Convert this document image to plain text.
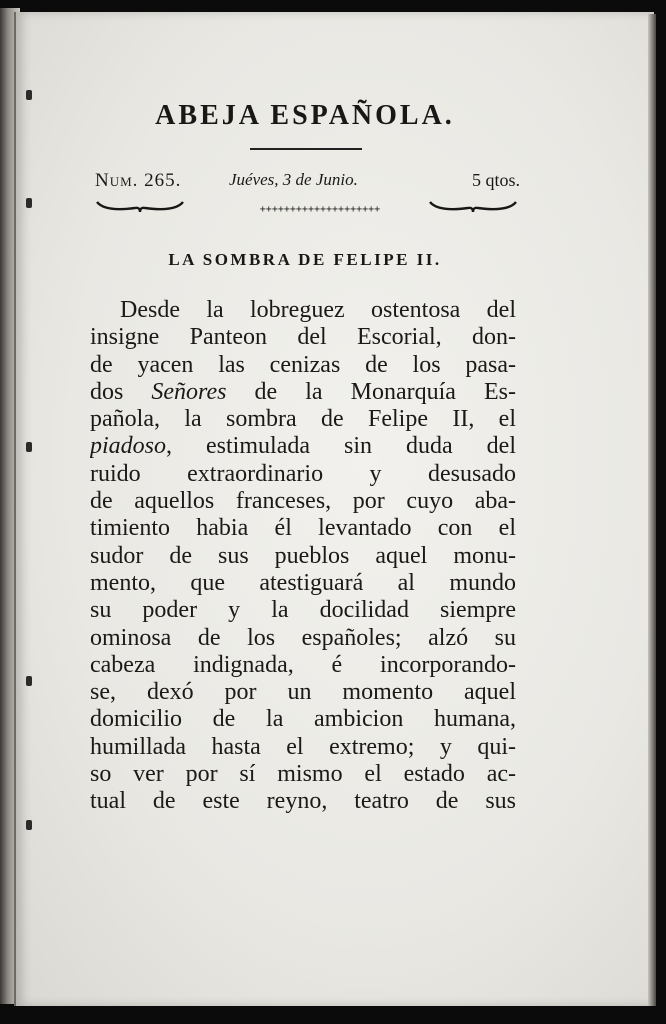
ABEJA ESPAÑOLA.
Num. 265.	Juéves, 3 de Junio.	5 qtos.
++++++++++++++++++++
LA SOMBRA DE FELIPE II.
Desde la lobreguez ostentosa del
insigne Panteon del Escorial, don-
de yacen las cenizas de los pasa-
dos Señores de la Monarquía Es-
pañola, la sombra de Felipe II, el
piadoso, estimulada sin duda del
ruido extraordinario y desusado
de aquellos franceses, por cuyo aba-
timiento habia él levantado con el
sudor de sus pueblos aquel monu-
mento, que atestiguará al mundo
su poder y la docilidad siempre
ominosa de los españoles; alzó su
cabeza indignada, é incorporando-
se, dexó por un momento aquel
domicilio de la ambicion humana,
humillada hasta el extremo; y qui-
so ver por sí mismo el estado ac-
tual de este reyno, teatro de sus
